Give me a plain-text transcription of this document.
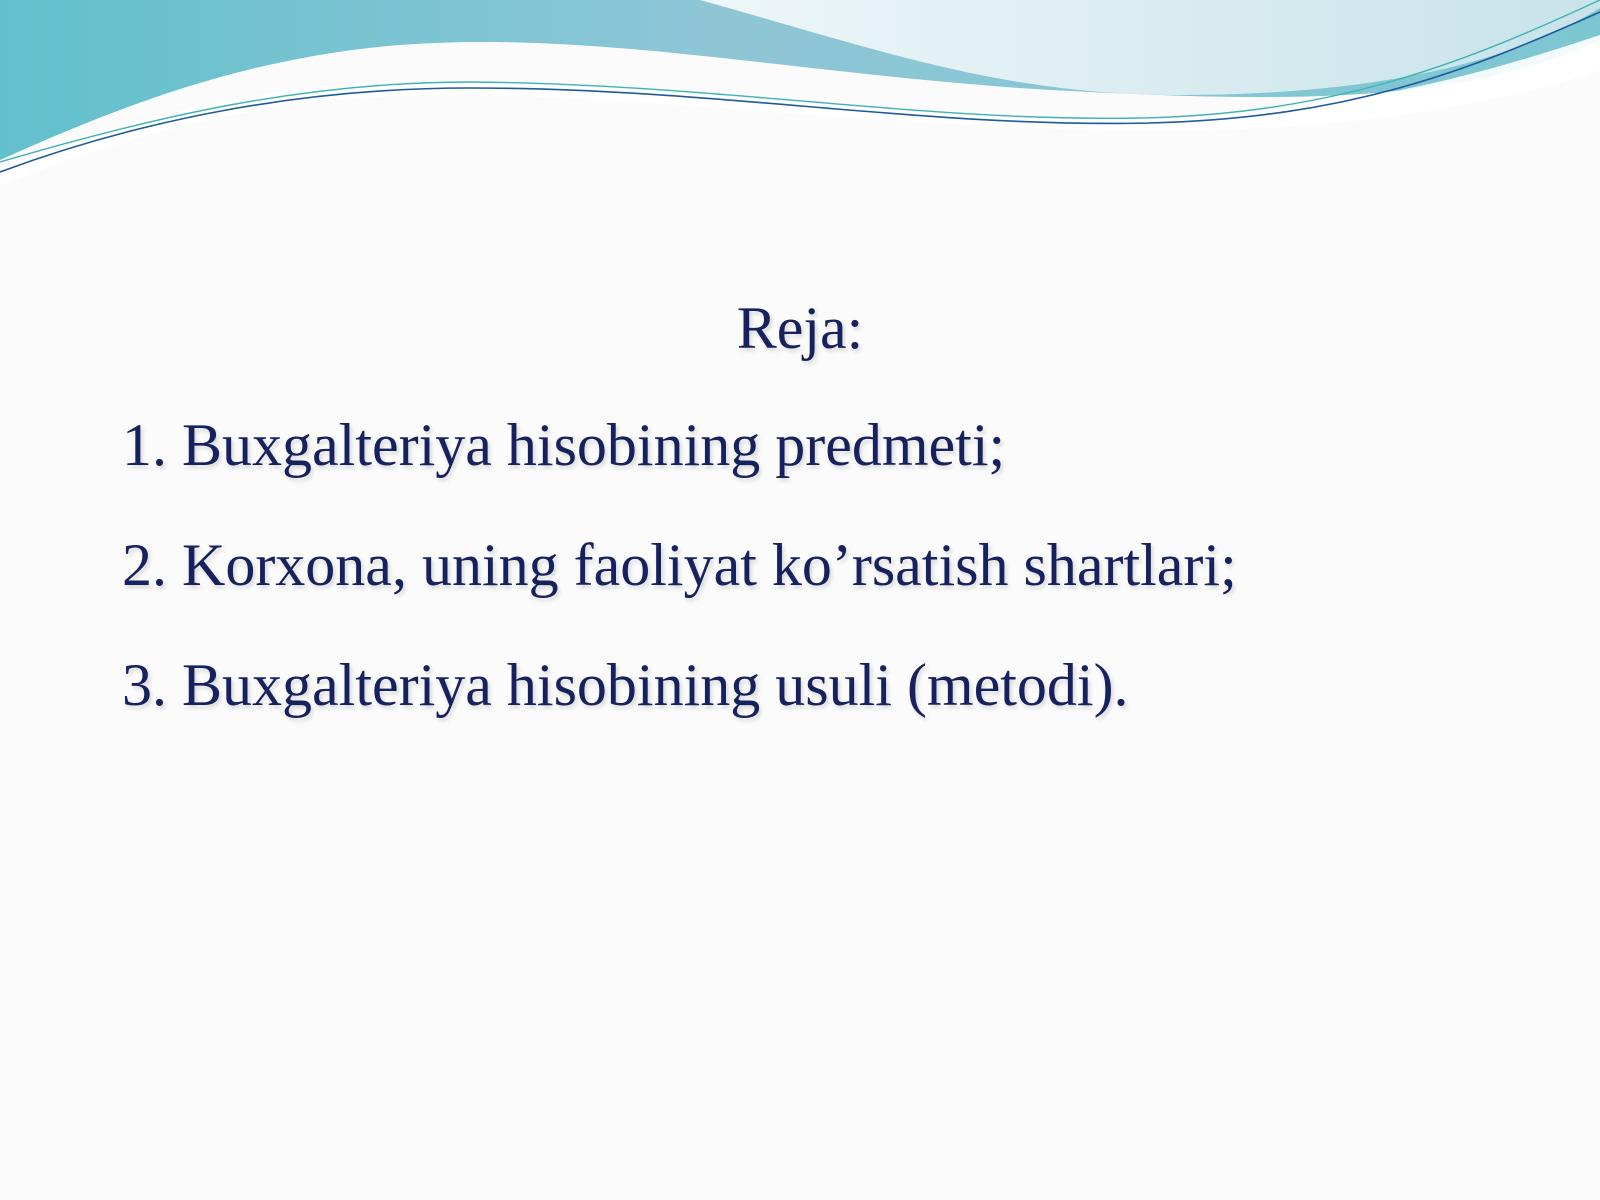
Reja:
1. Buxgalteriya hisobining predmeti;
2. Korxona, uning faoliyat ko’rsatish shartlari;
3. Buxgalteriya hisobining usuli (metodi).
